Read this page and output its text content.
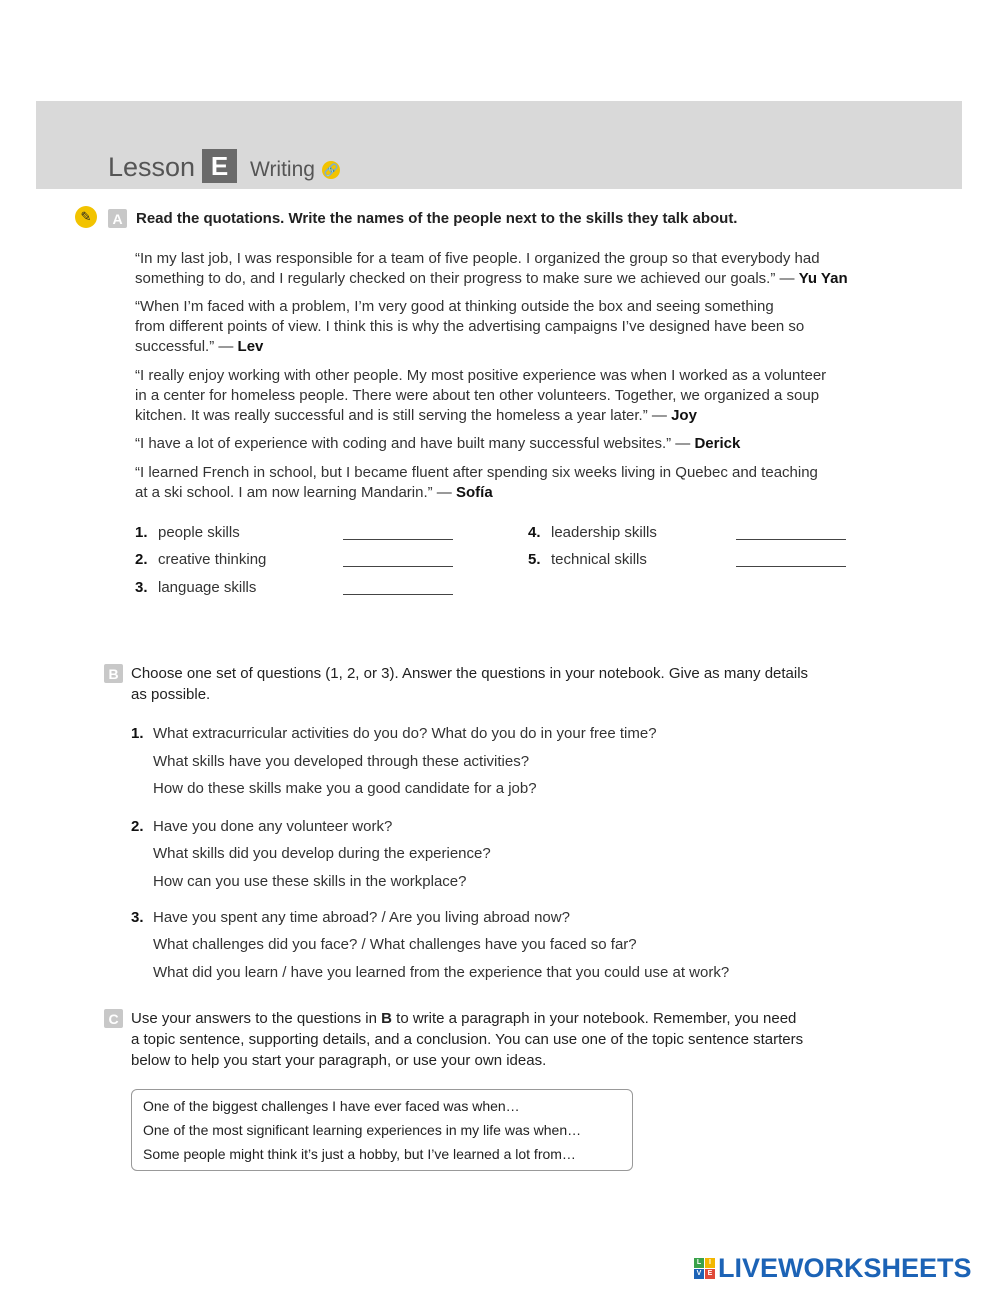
Lesson E	Writing 🔗
✎	A Read the quotations. Write the names of the people next to the skills they talk about.
“In my last job, I was responsible for a team of five people. I organized the group so that everybody had
something to do, and I regularly checked on their progress to make sure we achieved our goals.” — Yu Yan
“When I’m faced with a problem, I’m very good at thinking outside the box and seeing something
from different points of view. I think this is why the advertising campaigns I’ve designed have been so
successful.” — Lev
“I really enjoy working with other people. My most positive experience was when I worked as a volunteer
in a center for homeless people. There were about ten other volunteers. Together, we organized a soup
kitchen. It was really successful and is still serving the homeless a year later.” — Joy
“I have a lot of experience with coding and have built many successful websites.” — Derick
“I learned French in school, but I became fluent after spending six weeks living in Quebec and teaching
at a ski school. I am now learning Mandarin.” — Sofía
1. people skills
2. creative thinking
3. language skills
4. leadership skills
5. technical skills
B Choose one set of questions (1, 2, or 3). Answer the questions in your notebook. Give as many details
as possible.
1. What extracurricular activities do you do? What do you do in your free time?
What skills have you developed through these activities?
How do these skills make you a good candidate for a job?
2. Have you done any volunteer work?
What skills did you develop during the experience?
How can you use these skills in the workplace?
3. Have you spent any time abroad? / Are you living abroad now?
What challenges did you face? / What challenges have you faced so far?
What did you learn / have you learned from the experience that you could use at work?
C Use your answers to the questions in B to write a paragraph in your notebook. Remember, you need
a topic sentence, supporting details, and a conclusion. You can use one of the topic sentence starters
below to help you start your paragraph, or use your own ideas.
One of the biggest challenges I have ever faced was when…
One of the most significant learning experiences in my life was when…
Some people might think it’s just a hobby, but I’ve learned a lot from…
L	I
V E LIVEWORKSHEETS
